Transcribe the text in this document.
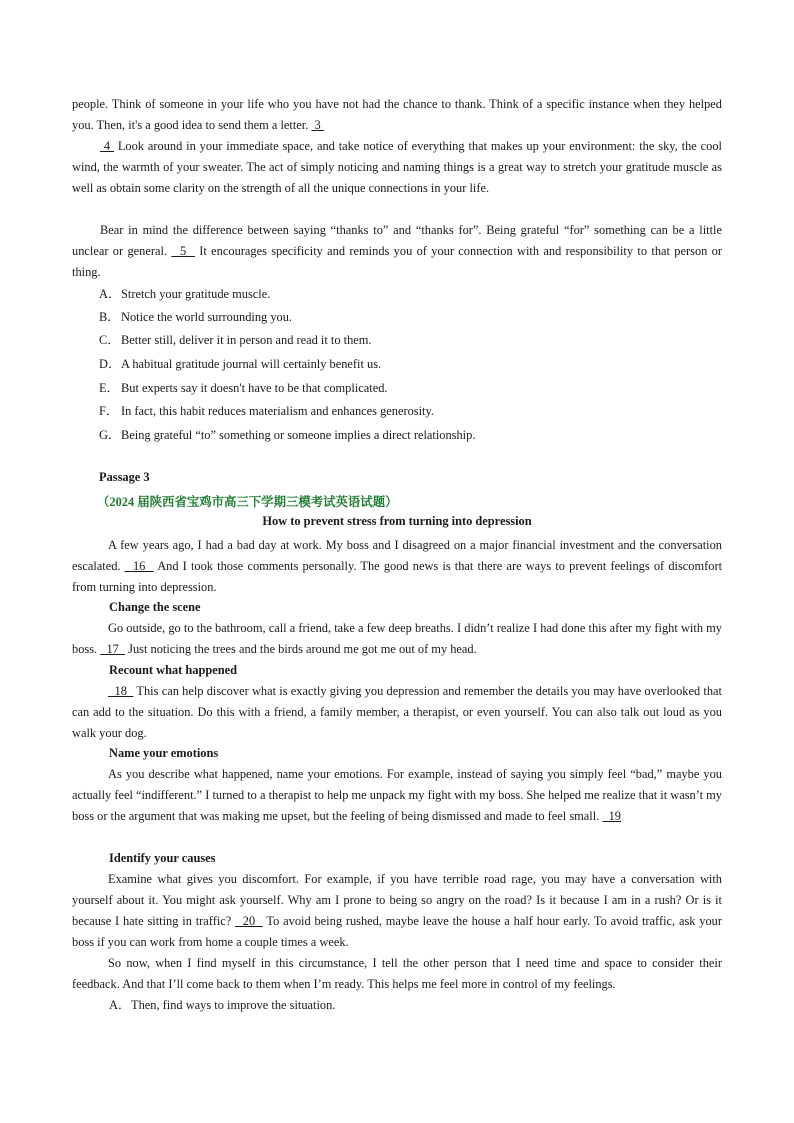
people. Think of someone in your life who you have not had the chance to thank. Think of a specific instance when they helped you. Then, it's a good idea to send them a letter.  3

4  Look around in your immediate space, and take notice of everything that makes up your environment: the sky, the cool wind, the warmth of your sweater. The act of simply noticing and naming things is a great way to stretch your gratitude muscle as well as obtain some clarity on the strength of all the unique connections in your life.

Bear in mind the difference between saying “thanks to” and “thanks for”. Being grateful “for” something can be a little unclear or general.   5   It encourages specificity and reminds you of your connection with and responsibility to that person or thing.

A．Stretch your gratitude muscle.

B．Notice the world surrounding you.

C．Better still, deliver it in person and read it to them.

D．A habitual gratitude journal will certainly benefit us.

E． But experts say it doesn't have to be that complicated.

F． In fact, this habit reduces materialism and enhances generosity.

G．Being grateful “to” something or someone implies a direct relationship.

Passage 3

（2024 届陕西省宝鸡市高三下学期三模考试英语试题）

How to prevent stress from turning into depression

A few years ago, I had a bad day at work. My boss and I disagreed on a major financial investment and the conversation escalated.   16   And I took those comments personally. The good news is that there are ways to prevent feelings of discomfort from turning into depression.

Change the scene

Go outside, go to the bathroom, call a friend, take a few deep breaths. I didn’t realize I had done this after my fight with my boss.   17   Just noticing the trees and the birds around me got me out of my head.

Recount what happened

18   This can help discover what is exactly giving you depression and remember the details you may have overlooked that can add to the situation. Do this with a friend, a family member, a therapist, or even yourself. You can also talk out loud as you walk your dog.

Name your emotions

As you describe what happened, name your emotions. For example, instead of saying you simply feel “bad,” maybe you actually feel “indifferent.” I turned to a therapist to help me unpack my fight with my boss. She helped me realize that it wasn’t my boss or the argument that was making me upset, but the feeling of being dismissed and made to feel small.   19

Identify your causes

Examine what gives you discomfort. For example, if you have terrible road rage, you may have a conversation with yourself about it. You might ask yourself. Why am I prone to being so angry on the road? Is it because I am in a rush? Or is it because I hate sitting in traffic?   20   To avoid being rushed, maybe leave the house a half hour early. To avoid traffic, ask your boss if you can work from home a couple times a week.

So now, when I find myself in this circumstance, I tell the other person that I need time and space to consider their feedback. And that I’ll come back to them when I’m ready. This helps me feel more in control of my feelings.

A．Then, find ways to improve the situation.
